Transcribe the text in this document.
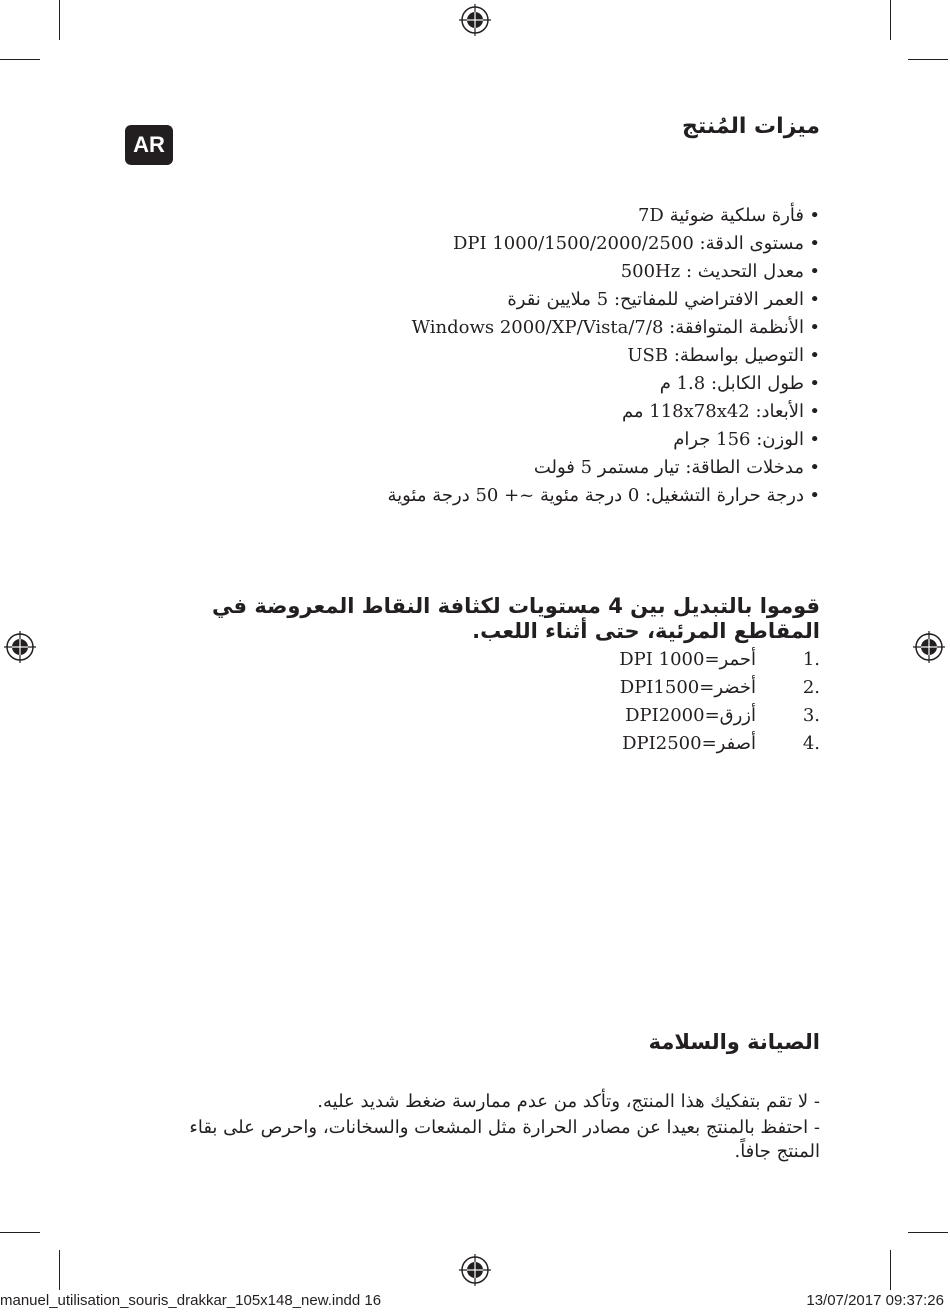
AR
ميزات المُنتج
• فأرة سلكية ضوئية 7D
• مستوى الدقة: DPI 1000/1500/2000/2500
• معدل التحديث : 500Hz
• العمر الافتراضي للمفاتيح: 5 ملايين نقرة
• الأنظمة المتوافقة: Windows 2000/XP/Vista/7/8
• التوصيل بواسطة: USB
• طول الكابل: 1.8 م
• الأبعاد: 118x78x42 مم
• الوزن: 156 جرام
• مدخلات الطاقة: تيار مستمر 5 فولت
• درجة حرارة التشغيل: 0 درجة مئوية ~+ 50 درجة مئوية
قوموا بالتبديل بين 4 مستويات لكثافة النقاط المعروضة في المقاطع المرئية، حتى أثناء اللعب.
1.
أحمر=DPI 1000
2.
أخضر=DPI1500
3.
أزرق=DPI2000
4.
أصفر=DPI2500
الصيانة والسلامة

- لا تقم بتفكيك هذا المنتج، وتأكد من عدم ممارسة ضغط شديد عليه.

- احتفظ بالمنتج بعيدا عن مصادر الحرارة مثل المشعات والسخانات، واحرص على بقاء المنتج جافاً.

manuel_utilisation_souris_drakkar_105x148_new.indd 16	13/07/2017 09:37:26
